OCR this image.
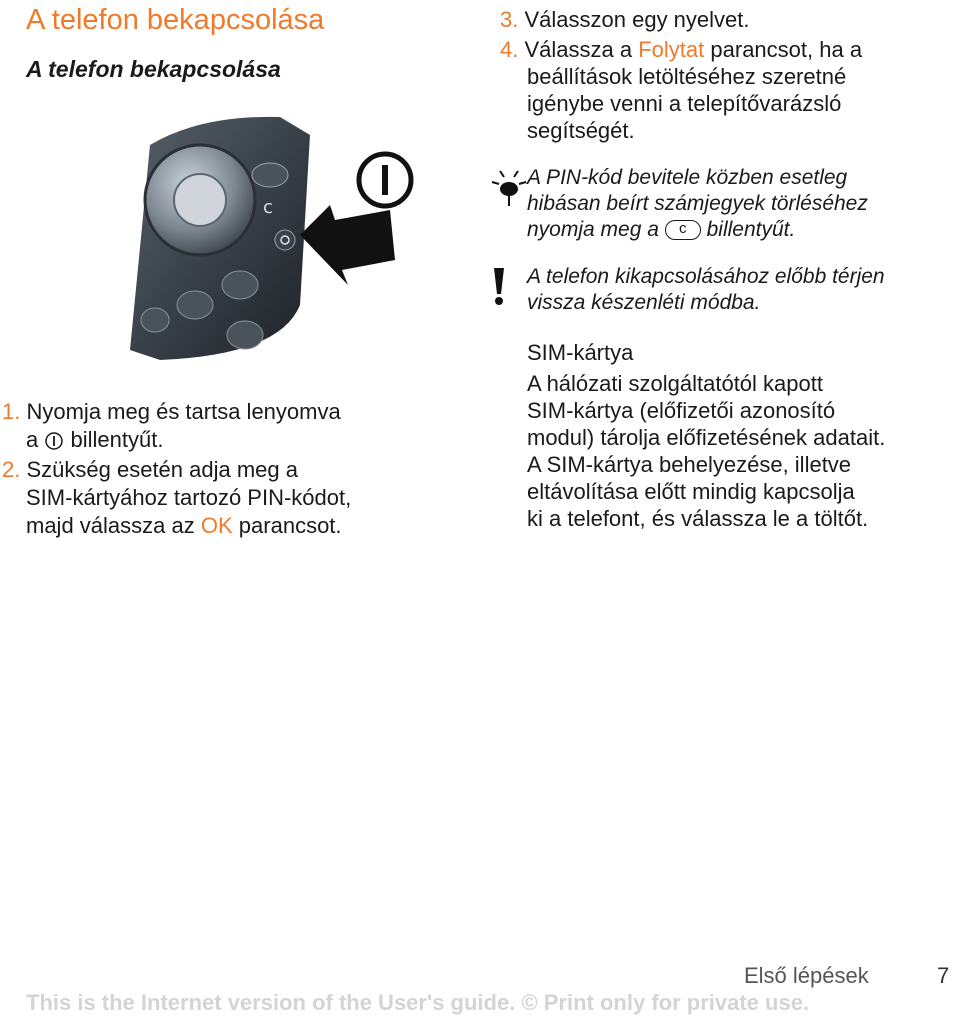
A telefon bekapcsolása
A telefon bekapcsolása
c
1. Nyomja meg és tartsa lenyomva
a billentyűt.
2. Szükség esetén adja meg a
SIM-kártyához tartozó PIN-kódot,
majd válassza az OK parancsot.
3. Válasszon egy nyelvet.
4. Válassza a Folytat parancsot, ha a
beállítások letöltéséhez szeretné
igénybe venni a telepítővarázsló
segítségét.
A PIN-kód bevitele közben esetleg
hibásan beírt számjegyek törléséhez
nyomja meg a c billentyűt.
A telefon kikapcsolásához előbb térjen
vissza készenléti módba.
SIM-kártya
A hálózati szolgáltatótól kapott
SIM-kártya (előfizetői azonosító
modul) tárolja előfizetésének adatait.
A SIM-kártya behelyezése, illetve
eltávolítása előtt mindig kapcsolja
ki a telefont, és válassza le a töltőt.
Első lépések	7
This is the Internet version of the User's guide. © Print only for private use.
